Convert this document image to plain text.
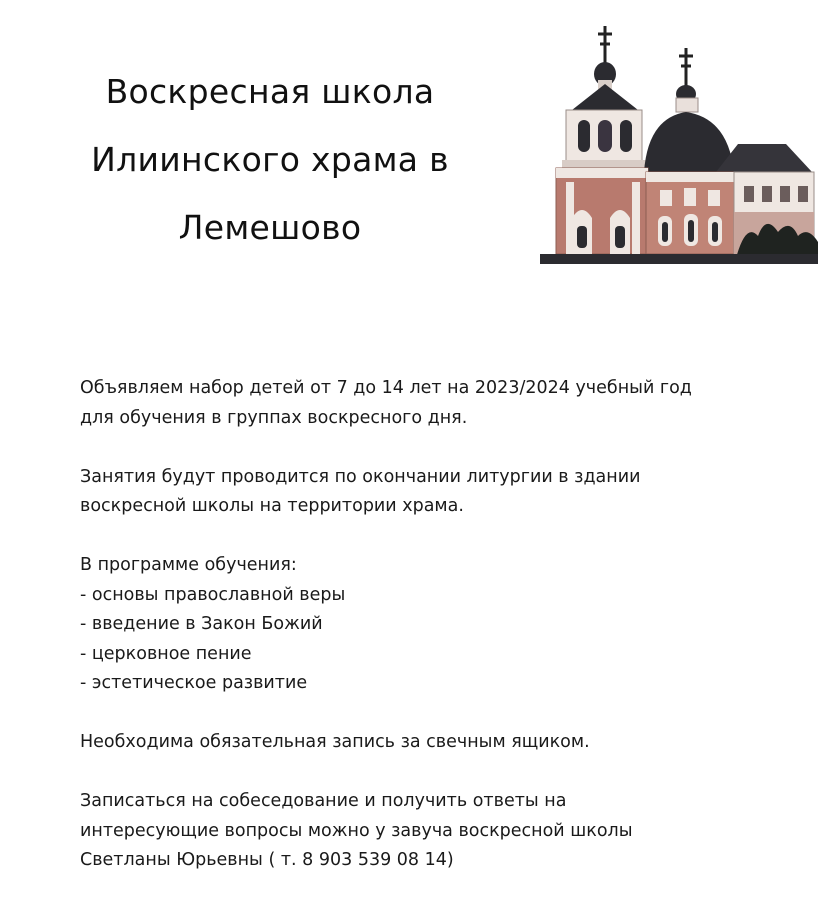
Воскресная школа
Илиинского храма в
Лемешово
Объявляем набор детей от 7 до 14 лет на 2023/2024 учебный год
для обучения в группах воскресного дня.
Занятия будут проводится по окончании литургии в здании
воскресной школы на территории храма.
В программе обучения:
- основы православной веры
- введение в Закон Божий
- церковное пение
- эстетическое развитие
Необходима обязательная запись за свечным ящиком.
Записаться на собеседование и получить ответы на
интересующие вопросы можно у завуча воскресной школы
Светланы Юрьевны ( т. 8 903 539 08 14)
